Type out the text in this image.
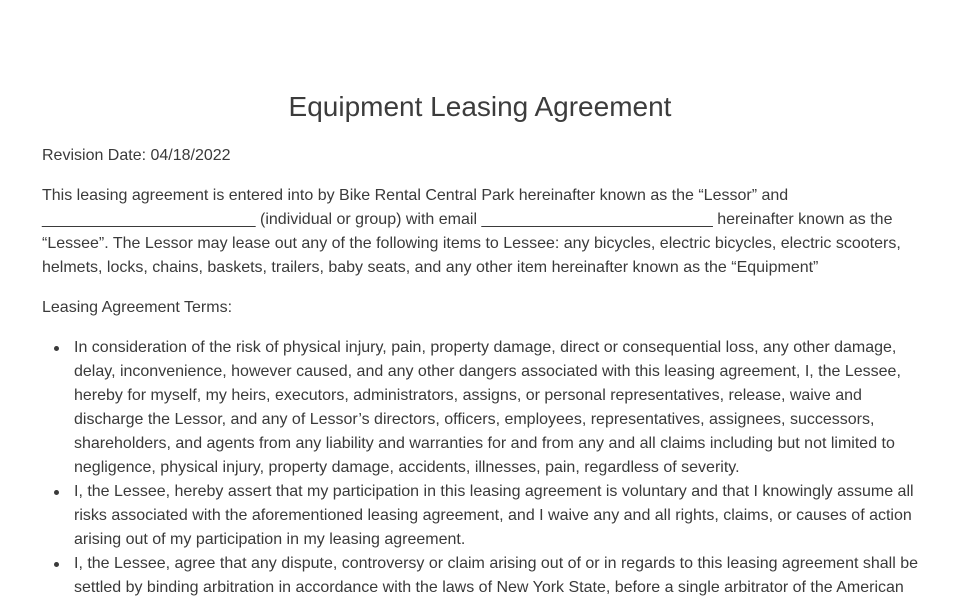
Equipment Leasing Agreement

Revision Date: 04/18/2022

This leasing agreement is entered into by Bike Rental Central Park hereinafter known as the “Lessor” and
________________________ (individual or group) with email __________________________ hereinafter known as the “Lessee”. The Lessor may lease out any of the following items to Lessee: any bicycles, electric bicycles, electric scooters, helmets, locks, chains, baskets, trailers, baby seats, and any other item hereinafter known as the “Equipment”

Leasing Agreement Terms:

In consideration of the risk of physical injury, pain, property damage, direct or consequential loss, any other damage, delay, inconvenience, however caused, and any other dangers associated with this leasing agreement, I, the Lessee, hereby for myself, my heirs, executors, administrators, assigns, or personal representatives, release, waive and discharge the Lessor, and any of Lessor’s directors, officers, employees, representatives, assignees, successors, shareholders, and agents from any liability and warranties for and from any and all claims including but not limited to negligence, physical injury, property damage, accidents, illnesses, pain, regardless of severity.
I, the Lessee, hereby assert that my participation in this leasing agreement is voluntary and that I knowingly assume all risks associated with the aforementioned leasing agreement, and I waive any and all rights, claims, or causes of action arising out of my participation in my leasing agreement.
I, the Lessee, agree that any dispute, controversy or claim arising out of or in regards to this leasing agreement shall be settled by binding arbitration in accordance with the laws of New York State, before a single arbitrator of the American
